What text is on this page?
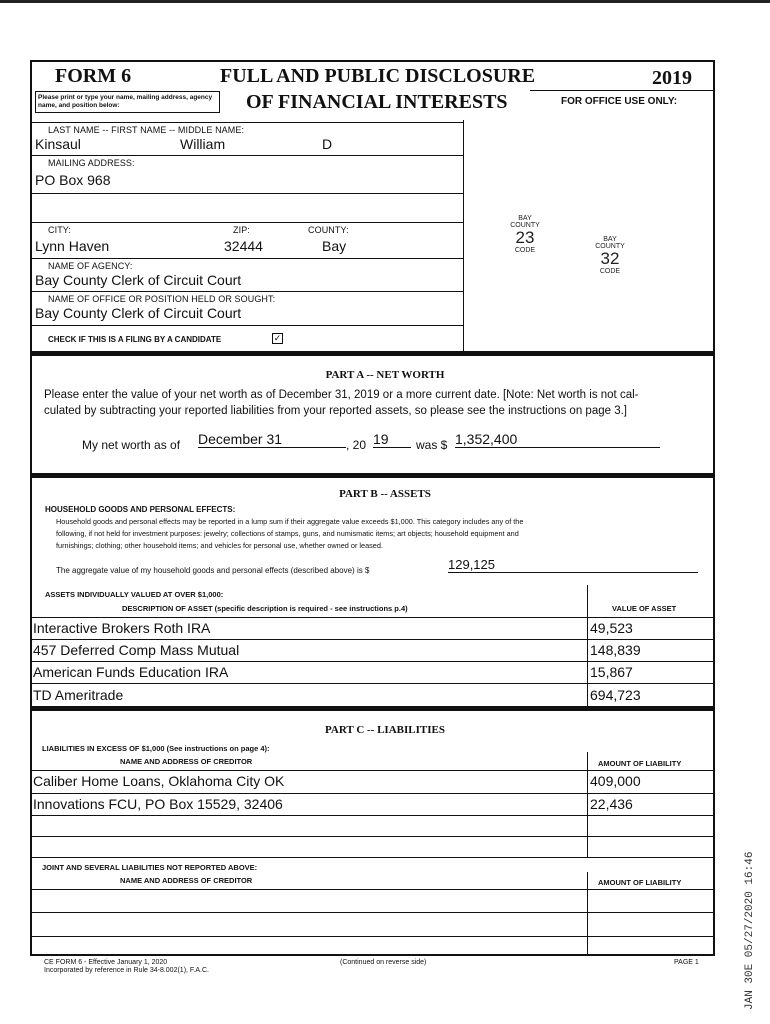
FORM 6	FULL AND PUBLIC DISCLOSURE	2019
Please print or type your name, mailing address, agency name, and position below:	OF FINANCIAL INTERESTS	FOR OFFICE USE ONLY:
LAST NAME -- FIRST NAME -- MIDDLE NAME:
Kinsaul	William	D
MAILING ADDRESS:
PO Box 968
CITY:	ZIP:	COUNTY:
Lynn Haven	32444	Bay
NAME OF AGENCY:
Bay County Clerk of Circuit Court
NAME OF OFFICE OR POSITION HELD OR SOUGHT:
Bay County Clerk of Circuit Court
CHECK IF THIS IS A FILING BY A CANDIDATE	✓
BAY COUNTY
23
CODE
BAY COUNTY
32
CODE
PART A -- NET WORTH
Please enter the value of your net worth as of December 31, 2019 or a more current date. [Note: Net worth is not cal-
culated by subtracting your reported liabilities from your reported assets, so please see the instructions on page 3.]
My net worth as of December 31	, 20 19	was $ 1,352,400
PART B -- ASSETS
HOUSEHOLD GOODS AND PERSONAL EFFECTS:
Household goods and personal effects may be reported in a lump sum if their aggregate value exceeds $1,000. This category includes any of the
following, if not held for investment purposes: jewelry; collections of stamps, guns, and numismatic items; art objects; household equipment and
furnishings; clothing; other household items; and vehicles for personal use, whether owned or leased.
The aggregate value of my household goods and personal effects (described above) is $	129,125
ASSETS INDIVIDUALLY VALUED AT OVER $1,000:
DESCRIPTION OF ASSET (specific description is required - see instructions p.4)	VALUE OF ASSET
Interactive Brokers Roth IRA	49,523
457 Deferred Comp Mass Mutual	148,839
American Funds Education IRA	15,867
TD Ameritrade	694,723
PART C -- LIABILITIES
LIABILITIES IN EXCESS OF $1,000 (See instructions on page 4):
NAME AND ADDRESS OF CREDITOR	AMOUNT OF LIABILITY
Caliber Home Loans, Oklahoma City OK	409,000
Innovations FCU, PO Box 15529, 32406	22,436
JOINT AND SEVERAL LIABILITIES NOT REPORTED ABOVE:
NAME AND ADDRESS OF CREDITOR	AMOUNT OF LIABILITY
CE FORM 6 - Effective January 1, 2020
Incorporated by reference in Rule 34-8.002(1), F.A.C.
(Continued on reverse side)	PAGE 1	JAN 30E 05/27/2020 16:46
